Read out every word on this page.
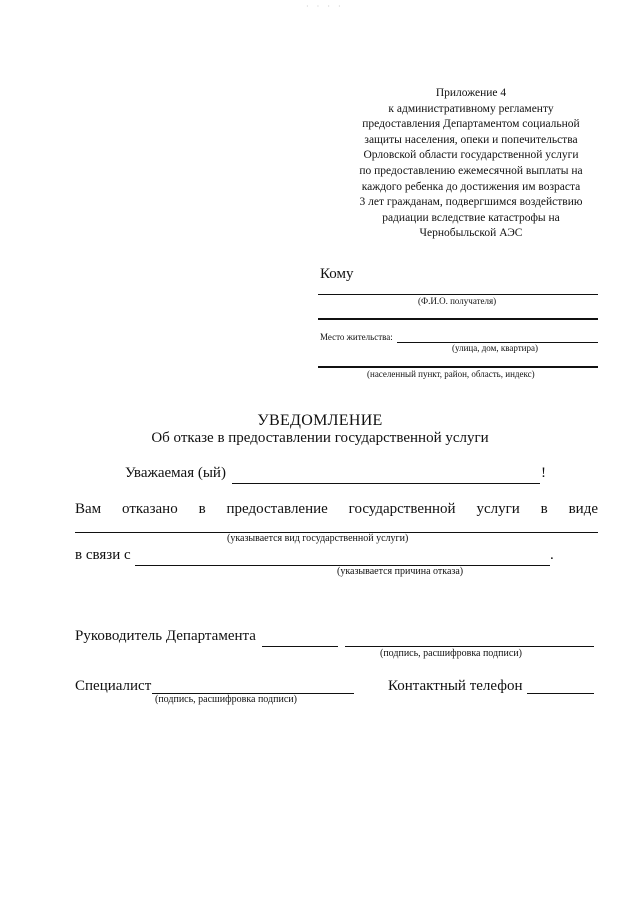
· · · ·
Приложение 4
к административному регламенту
предоставления Департаментом социальной
защиты населения, опеки и попечительства
Орловской области государственной услуги
по предоставлению ежемесячной выплаты на
каждого ребенка до достижения им возраста
3 лет гражданам, подвергшимся воздействию
радиации вследствие катастрофы на
Чернобыльской АЭС
Кому
(Ф.И.О. получателя)
Место жительства:
(улица, дом, квартира)
(населенный пункт, район, область, индекс)
УВЕДОМЛЕНИЕ
Об отказе в предоставлении государственной услуги
Уважаемая (ый)	!
Вам отказано в предоставление государственной услуги в виде
(указывается вид государственной услуги)
в связи с	.
(указывается причина отказа)
Руководитель Департамента
(подпись, расшифровка подписи)
Специалист
(подпись, расшифровка подписи)
Контактный телефон
